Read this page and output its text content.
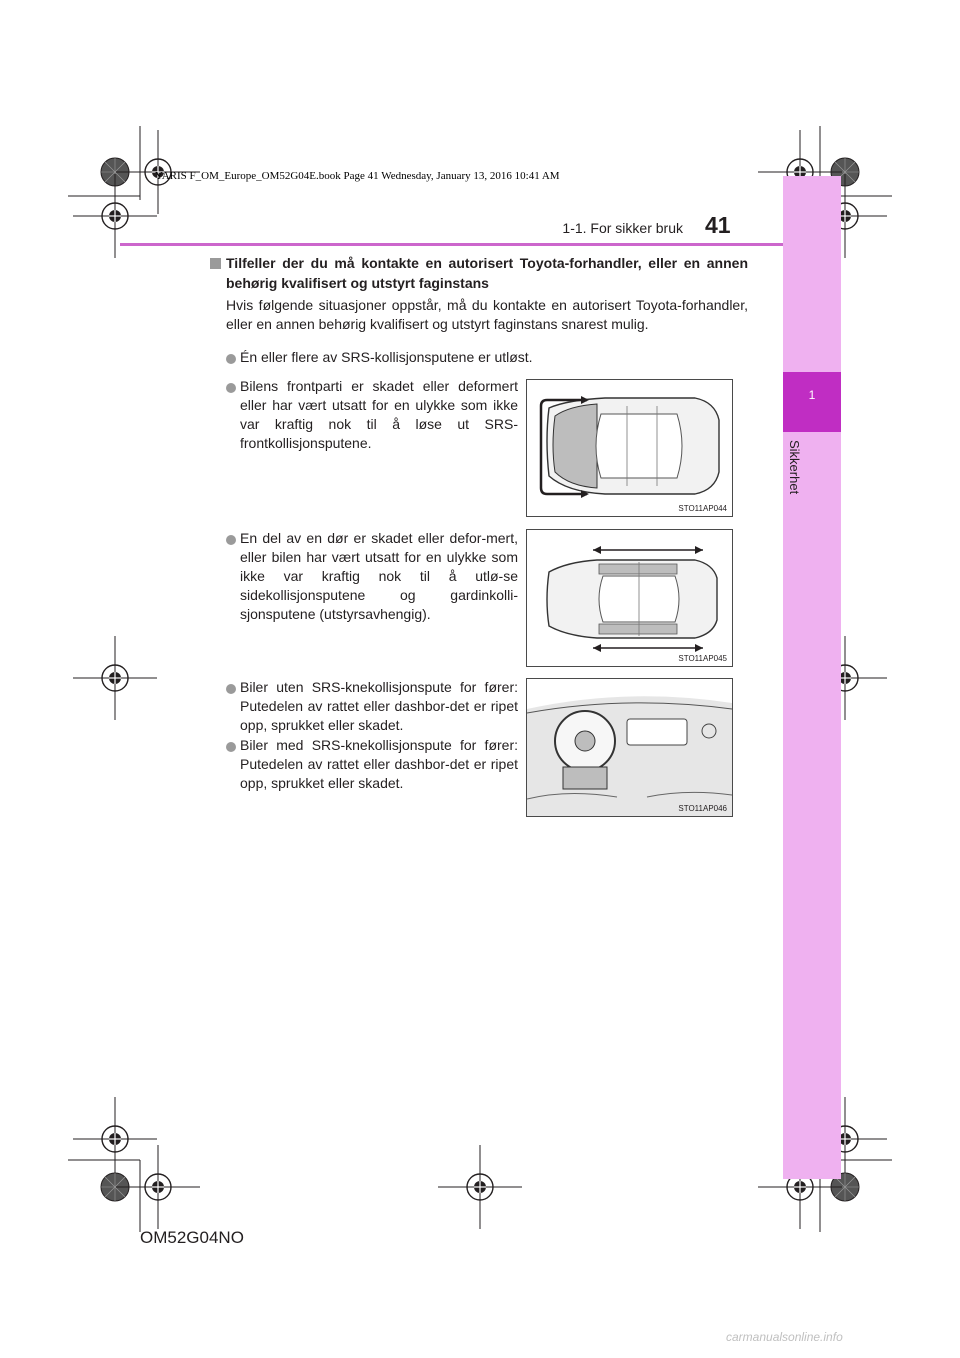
1
Sikkerhet
YARIS F_OM_Europe_OM52G04E.book Page 41 Wednesday, January 13, 2016 10:41 AM
1-1. For sikker bruk 41
Tilfeller der du må kontakte en autorisert Toyota-forhandler, eller en annen behørig kvalifisert og utstyrt faginstans
Hvis følgende situasjoner oppstår, må du kontakte en autorisert Toyota-forhandler, eller en annen behørig kvalifisert og utstyrt faginstans snarest mulig.
Én eller flere av SRS-kollisjonsputene er utløst.
Bilens frontparti er skadet eller deformert eller har vært utsatt for en ulykke som ikke var kraftig nok til å løse ut SRS-frontkollisjonsputene.
STO11AP044
En del av en dør er skadet eller defor-mert, eller bilen har vært utsatt for en ulykke som ikke var kraftig nok til å utlø-se sidekollisjonsputene og gardinkolli-sjonsputene (utstyrsavhengig).
STO11AP045
Biler uten SRS-knekollisjonspute for fører: Putedelen av rattet eller dashbor-det er ripet opp, sprukket eller skadet.
Biler med SRS-knekollisjonspute for fører: Putedelen av rattet eller dashbor-det er ripet opp, sprukket eller skadet.
STO11AP046
OM52G04NO
carmanualsonline.info
